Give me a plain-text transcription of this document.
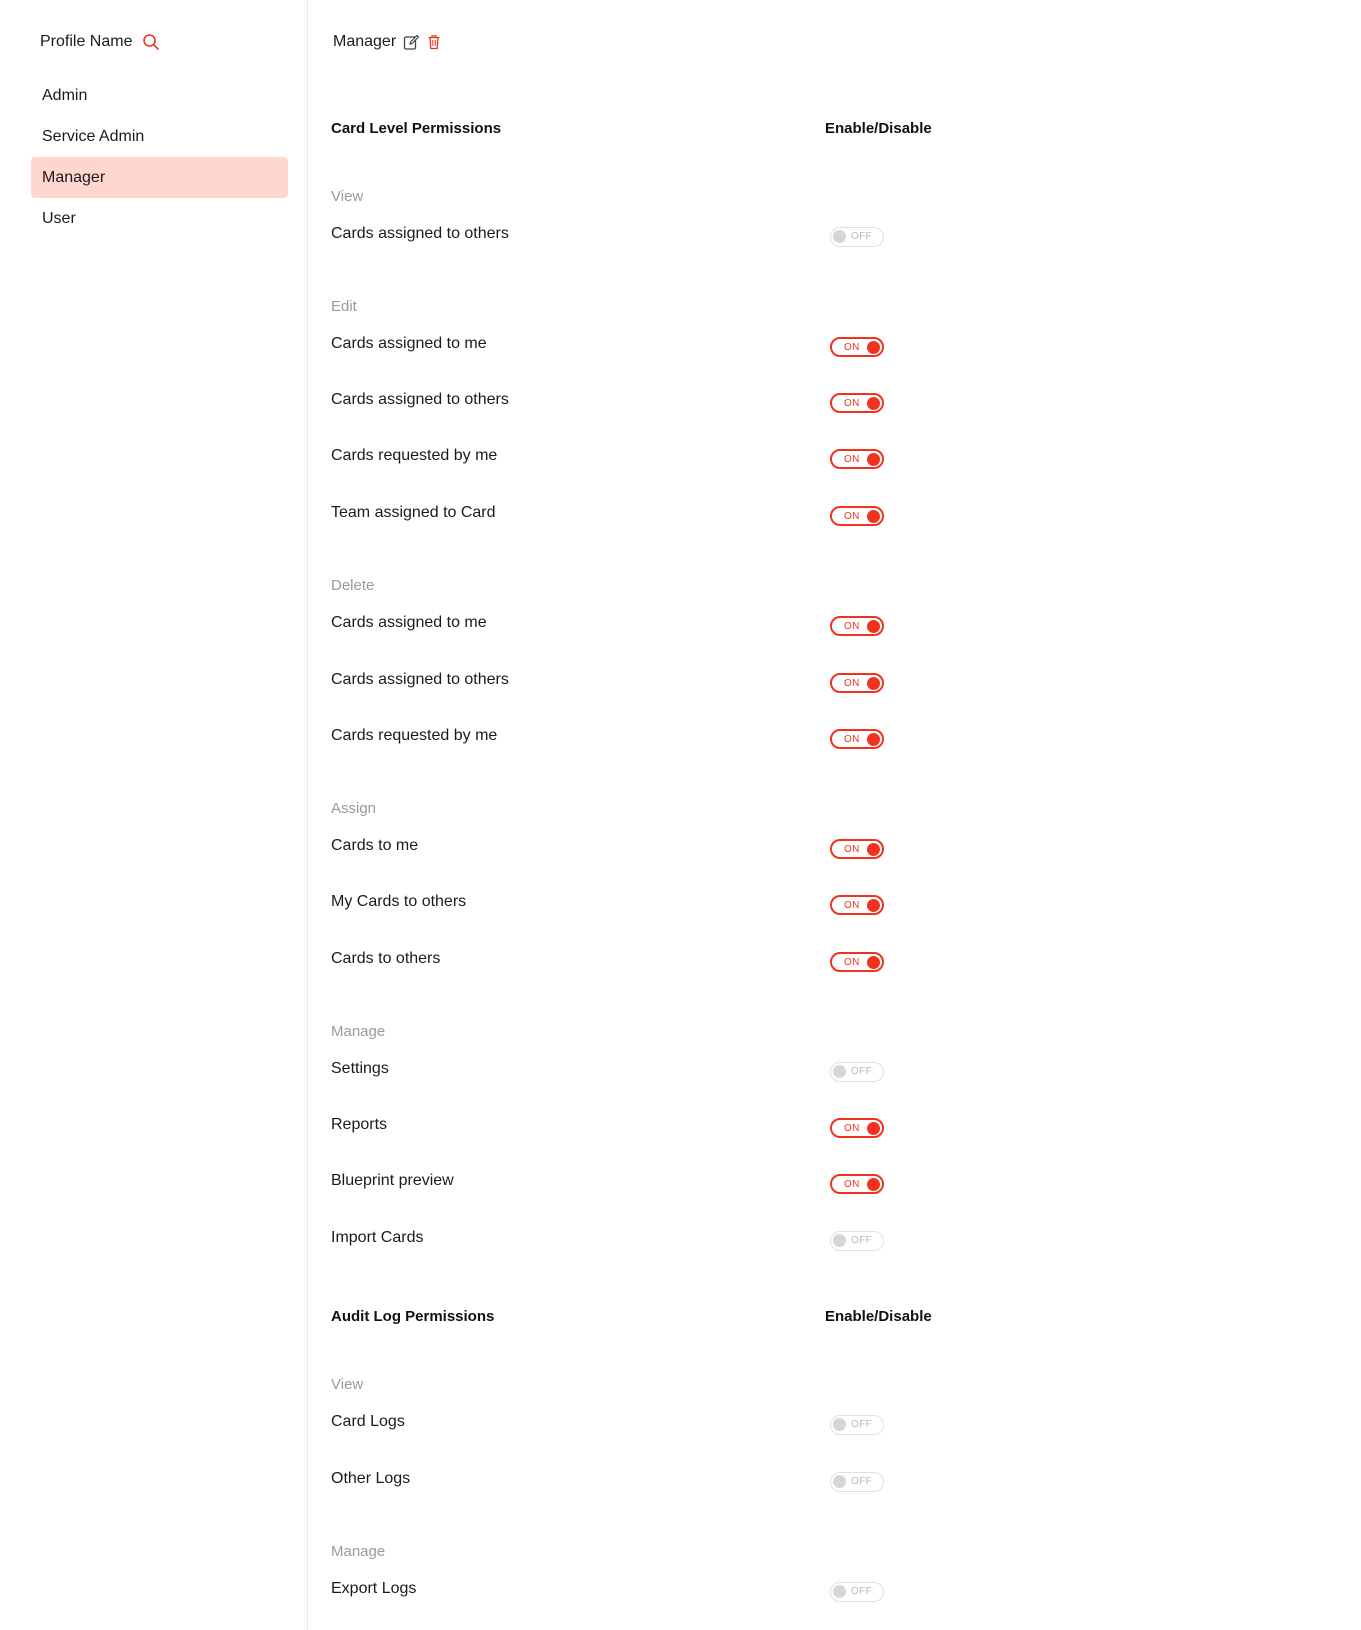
Profile Name
Admin
Service Admin
Manager
User
Manager
Card Level Permissions	Enable/Disable
View
Cards assigned to others	OFF
Edit
Cards assigned to me	ON
Cards assigned to others	ON
Cards requested by me	ON
Team assigned to Card	ON
Delete
Cards assigned to me	ON
Cards assigned to others	ON
Cards requested by me	ON
Assign
Cards to me	ON
My Cards to others	ON
Cards to others	ON
Manage
Settings	OFF
Reports	ON
Blueprint preview	ON
Import Cards	OFF
Audit Log Permissions	Enable/Disable
View
Card Logs	OFF
Other Logs	OFF
Manage
Export Logs	OFF
